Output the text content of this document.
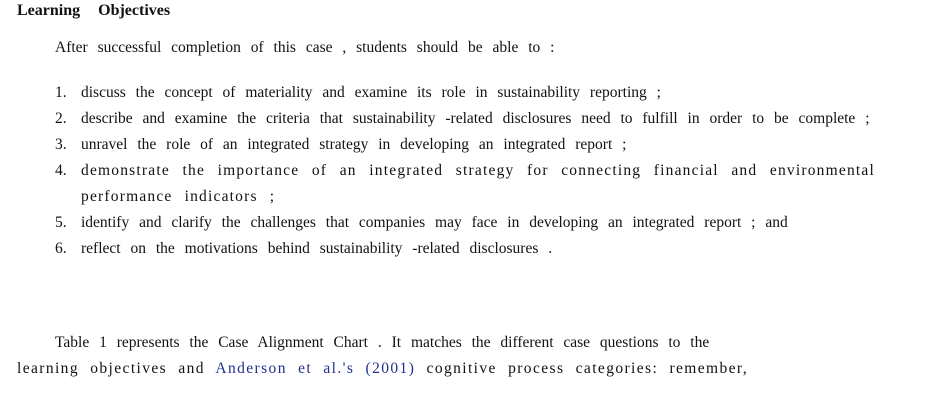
Learning Objectives
After successful completion of this case , students should be able to :
1. discuss the concept of materiality and examine its role in sustainability reporting ;
2. describe and examine the criteria that sustainability -related disclosures need to fulfill in order to be complete ;
3. unravel the role of an integrated strategy in developing an integrated report ;
4. demonstrate the importance of an integrated strategy for connecting financial and environmental performance indicators ;
5. identify and clarify the challenges that companies may face in developing an integrated report ; and
6. reflect on the motivations behind sustainability -related disclosures .
Table 1 represents the Case Alignment Chart . It matches the different case questions to the
learning objectives and Anderson et al.'s (2001) cognitive process categories: remember,
